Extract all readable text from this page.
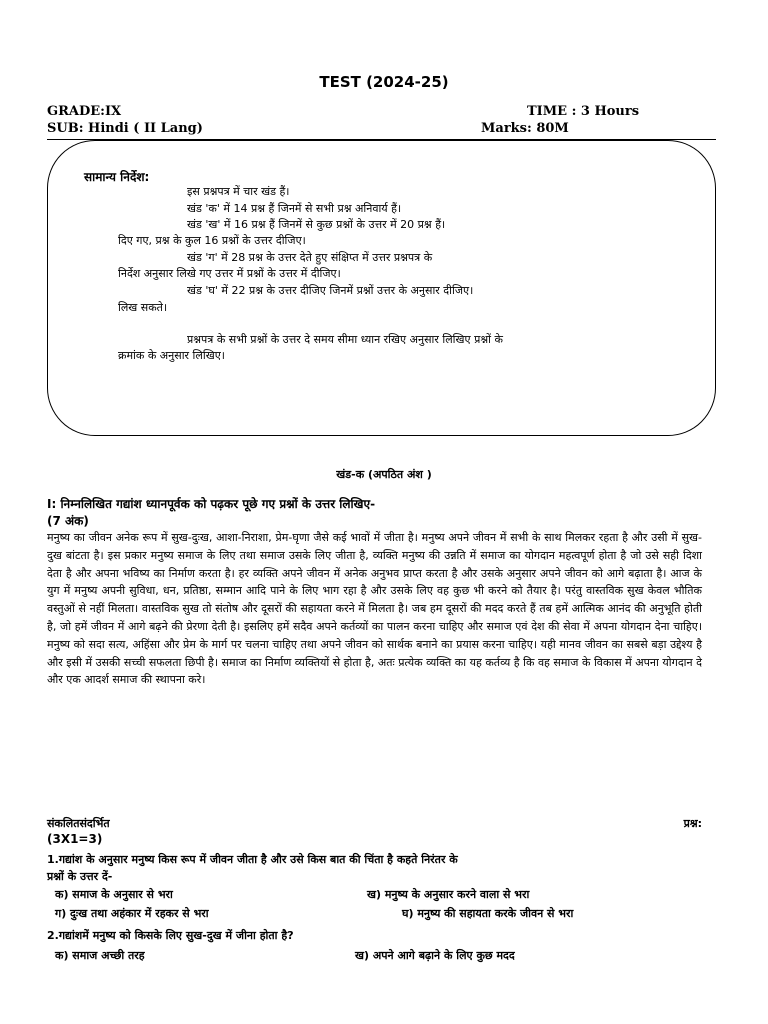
TEST (2024-25)
GRADE:IX	TIME : 3 Hours
SUB: Hindi ( II Lang)	Marks: 80M
सामान्य निर्देश:
इस प्रश्नपत्र में चार खंड हैं।
खंड 'क' में 14 प्रश्न हैं जिनमें से सभी प्रश्न अनिवार्य हैं।
खंड 'ख' में 16 प्रश्न हैं जिनमें से कुछ प्रश्नों के उत्तर में 20 प्रश्न हैं।
दिए गए, प्रश्न के कुल 16 प्रश्नों के उत्तर दीजिए।
खंड 'ग' में 28 प्रश्न के उत्तर देते हुए संक्षिप्त में उत्तर प्रश्नपत्र के
निर्देश अनुसार लिखे गए उत्तर में प्रश्नों के उत्तर में दीजिए।
खंड 'घ' में 22 प्रश्न के उत्तर दीजिए जिनमें प्रश्नों उत्तर के अनुसार दीजिए।
लिख सकते।
प्रश्नपत्र के सभी प्रश्नों के उत्तर दे समय सीमा ध्यान रखिए अनुसार लिखिए प्रश्नों के
क्रमांक के अनुसार लिखिए।
खंड-क (अपठित अंश )
I: निम्नलिखित गद्यांश ध्यानपूर्वक को पढ़कर पूछे गए प्रश्नों के उत्तर लिखिए-
(7 अंक)
मनुष्य का जीवन अनेक रूप में सुख-दुःख, आशा-निराशा, प्रेम-घृणा जैसे कई भावों में जीता है। मनुष्य अपने जीवन में सभी के साथ मिलकर रहता है और उसी में सुख-दुख बांटता है। इस प्रकार मनुष्य समाज के लिए तथा समाज उसके लिए जीता है, व्यक्ति मनुष्य की उन्नति में समाज का योगदान महत्वपूर्ण होता है जो उसे सही दिशा देता है और अपना भविष्य का निर्माण करता है। हर व्यक्ति अपने जीवन में अनेक अनुभव प्राप्त करता है और उसके अनुसार अपने जीवन को आगे बढ़ाता है। आज के युग में मनुष्य अपनी सुविधा, धन, प्रतिष्ठा, सम्मान आदि पाने के लिए भाग रहा है और उसके लिए वह कुछ भी करने को तैयार है। परंतु वास्तविक सुख केवल भौतिक वस्तुओं से नहीं मिलता। वास्तविक सुख तो संतोष और दूसरों की सहायता करने में मिलता है। जब हम दूसरों की मदद करते हैं तब हमें आत्मिक आनंद की अनुभूति होती है, जो हमें जीवन में आगे बढ़ने की प्रेरणा देती है। इसलिए हमें सदैव अपने कर्तव्यों का पालन करना चाहिए और समाज एवं देश की सेवा में अपना योगदान देना चाहिए। मनुष्य को सदा सत्य, अहिंसा और प्रेम के मार्ग पर चलना चाहिए तथा अपने जीवन को सार्थक बनाने का प्रयास करना चाहिए। यही मानव जीवन का सबसे बड़ा उद्देश्य है और इसी में उसकी सच्ची सफलता छिपी है। समाज का निर्माण व्यक्तियों से होता है, अतः प्रत्येक व्यक्ति का यह कर्तव्य है कि वह समाज के विकास में अपना योगदान दे और एक आदर्श समाज की स्थापना करे।
संकलितसंदर्भित	प्रश्न:
(3X1=3)
1.गद्यांश के अनुसार मनुष्य किस रूप में जीवन जीता है और उसे किस बात की चिंता है कहते निरंतर के
प्रश्नों के उत्तर दें-
क) समाज के अनुसार से भरा	ख) मनुष्य के अनुसार करने वाला से भरा
ग) दुःख तथा अहंकार में रहकर से भरा	घ) मनुष्य की सहायता करके जीवन से भरा
2.गद्यांश‌में मनुष्य को किसके लिए सुख-दुख में जीना होता है?
क) समाज अच्छी तरह	ख) अपने आगे बढ़ाने के लिए कुछ मदद
